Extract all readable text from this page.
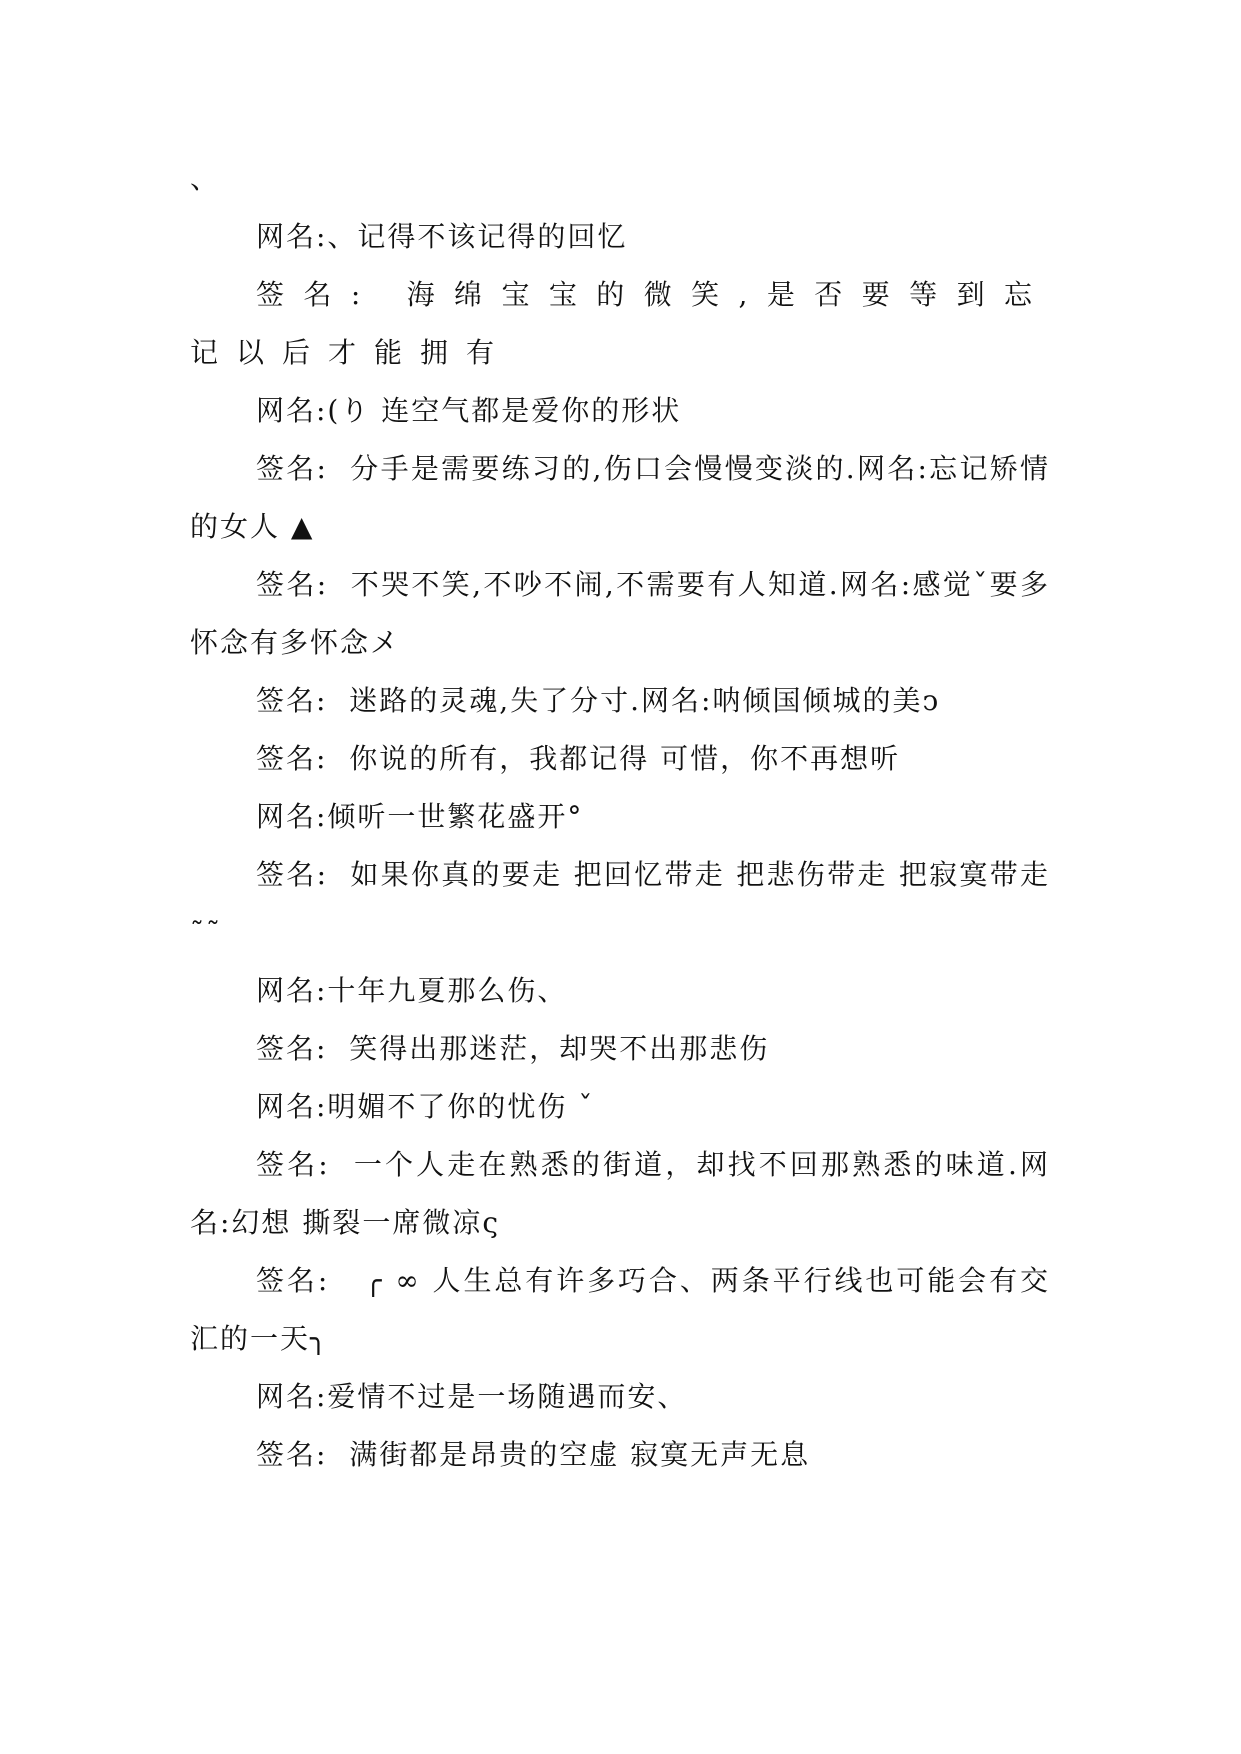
、

网名:、记得不该记得的回忆

签名: 海绵宝宝的微笑,是否要等到忘记以后才能拥有

网名:(り 连空气都是爱你的形状

签名:  分手是需要练习的,伤口会慢慢变淡的.网名:忘记矫情的女人 ▲

签名:  不哭不笑,不吵不闹,不需要有人知道.网名:感觉ˇ要多怀念有多怀念メ

签名:  迷路的灵魂,失了分寸.网名:呐倾国倾城的美ↄ

签名:  你说的所有，我都记得 可惜，你不再想听

网名:倾听一世繁花盛开°

签名:  如果你真的要走 把回忆带走 把悲伤带走 把寂寞带走 ˜˜

网名:十年九夏那么伤、

签名:  笑得出那迷茫，却哭不出那悲伤

网名:明媚不了你的忧伤 ˇ

签名:  一个人走在熟悉的街道，却找不回那熟悉的味道.网名:幻想 撕裂一席微凉ς

签名:   ╭ ∞ 人生总有许多巧合、两条平行线也可能会有交汇的一天╮

网名:爱情不过是一场随遇而安、

签名:  满街都是昂贵的空虚 寂寞无声无息
